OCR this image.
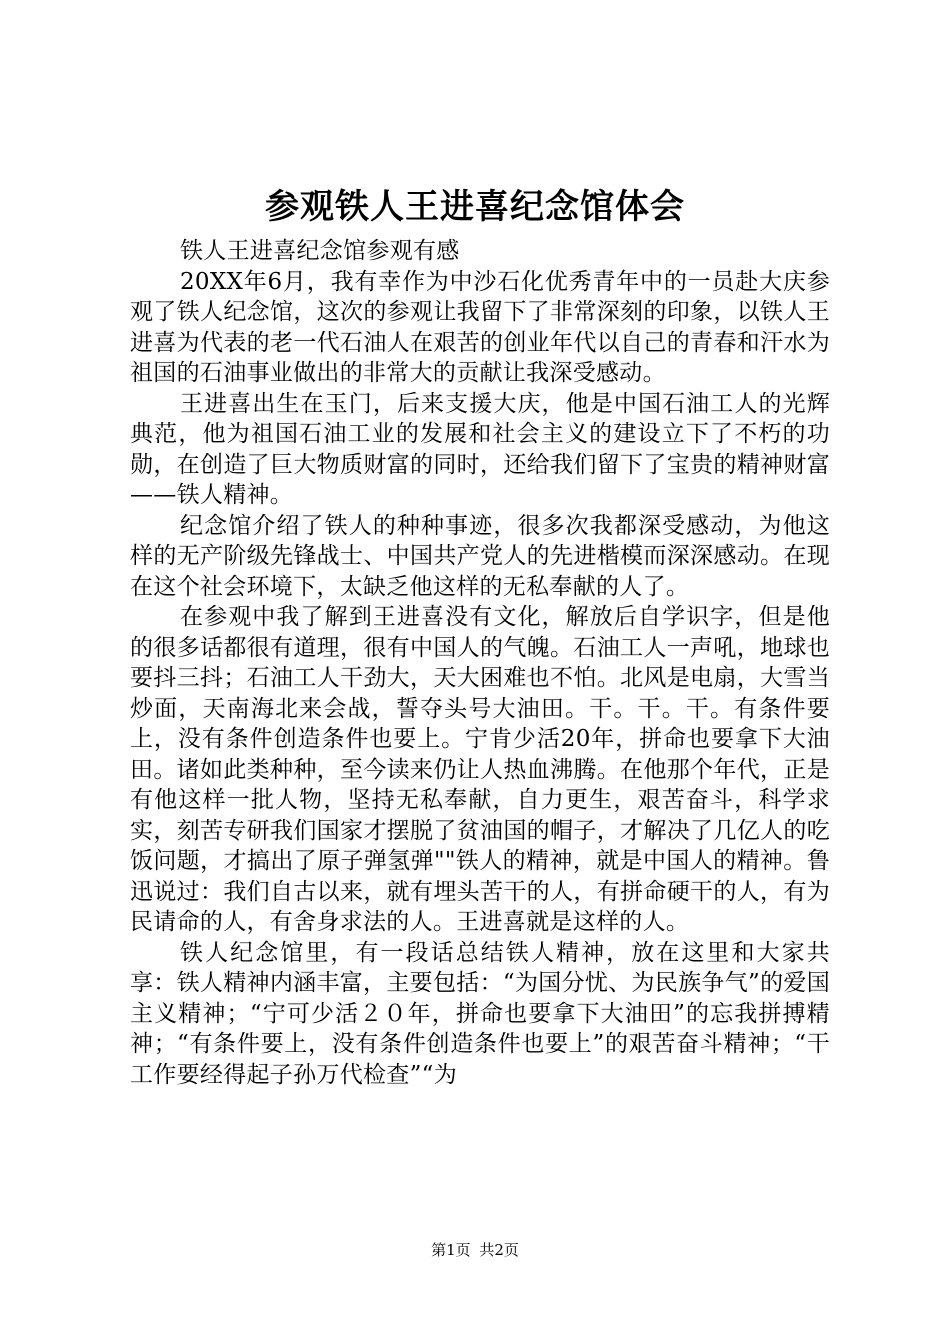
参观铁人王进喜纪念馆体会

铁人王进喜纪念馆参观有感

20XX年6月，我有幸作为中沙石化优秀青年中的一员赴大庆参观了铁人纪念馆，这次的参观让我留下了非常深刻的印象，以铁人王进喜为代表的老一代石油人在艰苦的创业年代以自己的青春和汗水为祖国的石油事业做出的非常大的贡献让我深受感动。

王进喜出生在玉门，后来支援大庆，他是中国石油工人的光辉典范，他为祖国石油工业的发展和社会主义的建设立下了不朽的功勋，在创造了巨大物质财富的同时，还给我们留下了宝贵的精神财富——铁人精神。

纪念馆介绍了铁人的种种事迹，很多次我都深受感动，为他这样的无产阶级先锋战士、中国共产党人的先进楷模而深深感动。在现在这个社会环境下，太缺乏他这样的无私奉献的人了。

在参观中我了解到王进喜没有文化，解放后自学识字，但是他的很多话都很有道理，很有中国人的气魄。石油工人一声吼，地球也要抖三抖；石油工人干劲大，天大困难也不怕。北风是电扇，大雪当炒面，天南海北来会战，誓夺头号大油田。干。干。干。有条件要上，没有条件创造条件也要上。宁肯少活20年，拼命也要拿下大油田。诸如此类种种，至今读来仍让人热血沸腾。在他那个年代，正是有他这样一批人物，坚持无私奉献，自力更生，艰苦奋斗，科学求实，刻苦专研我们国家才摆脱了贫油国的帽子，才解决了几亿人的吃饭问题，才搞出了原子弹氢弹""铁人的精神，就是中国人的精神。鲁迅说过：我们自古以来，就有埋头苦干的人，有拼命硬干的人，有为民请命的人，有舍身求法的人。王进喜就是这样的人。

铁人纪念馆里，有一段话总结铁人精神，放在这里和大家共享：铁人精神内涵丰富，主要包括：“为国分忧、为民族争气”的爱国主义精神；“宁可少活２０年，拼命也要拿下大油田”的忘我拼搏精神；“有条件要上，没有条件创造条件也要上”的艰苦奋斗精神；“干工作要经得起子孙万代检查”“为

第1页 共2页
